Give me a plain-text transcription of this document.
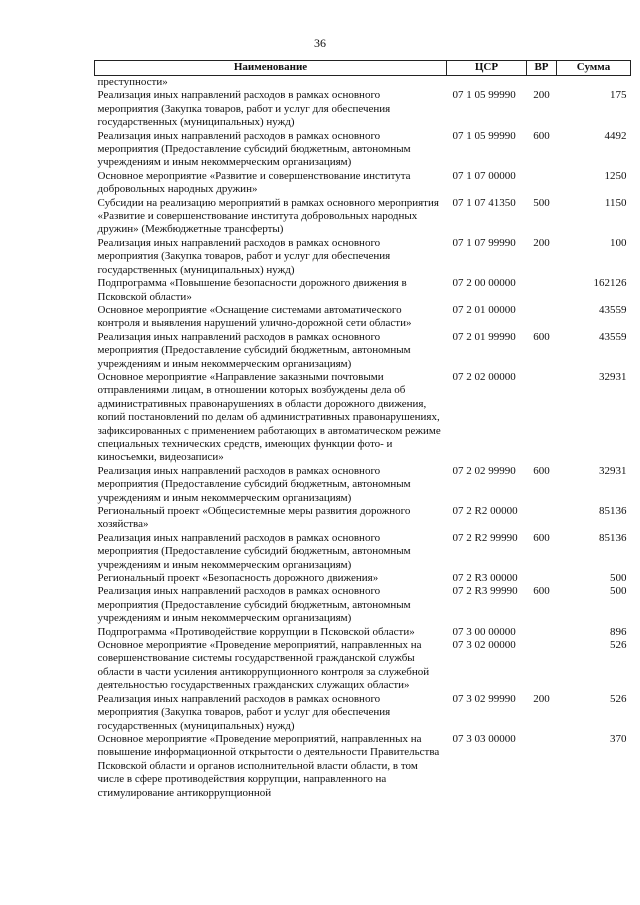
36
Наименование	ЦСР	ВР	Сумма
преступности»			
Реализация иных направлений расходов в рамках основного мероприятия (Закупка товаров, работ и услуг для обеспечения государственных (муниципальных) нужд)	07 1 05 99990	200	175
Реализация иных направлений расходов в рамках основного мероприятия (Предоставление субсидий бюджетным, автономным учреждениям и иным некоммерческим организациям)	07 1 05 99990	600	4492
Основное мероприятие «Развитие и совершенствование института добровольных народных дружин»	07 1 07 00000		1250
Субсидии на реализацию мероприятий в рамках основного мероприятия «Развитие и совершенствование института добровольных народных дружин» (Межбюджетные трансферты)	07 1 07 41350	500	1150
Реализация иных направлений расходов в рамках основного мероприятия (Закупка товаров, работ и услуг для обеспечения государственных (муниципальных) нужд)	07 1 07 99990	200	100
Подпрограмма «Повышение безопасности дорожного движения в Псковской области»	07 2 00 00000		162126
Основное мероприятие «Оснащение системами автоматического контроля и выявления нарушений улично-дорожной сети области»	07 2 01 00000		43559
Реализация иных направлений расходов в рамках основного мероприятия (Предоставление субсидий бюджетным, автономным учреждениям и иным некоммерческим организациям)	07 2 01 99990	600	43559
Основное мероприятие «Направление заказными почтовыми отправлениями лицам, в отношении которых возбуждены дела об административных правонарушениях в области дорожного движения, копий постановлений по делам об административных правонарушениях, зафиксированных с применением работающих в автоматическом режиме специальных технических средств, имеющих функции фото- и киносъемки, видеозаписи»	07 2 02 00000		32931
Реализация иных направлений расходов в рамках основного мероприятия (Предоставление субсидий бюджетным, автономным учреждениям и иным некоммерческим организациям)	07 2 02 99990	600	32931
Региональный проект «Общесистемные меры развития дорожного хозяйства»	07 2 R2 00000		85136
Реализация иных направлений расходов в рамках основного мероприятия (Предоставление субсидий бюджетным, автономным учреждениям и иным некоммерческим организациям)	07 2 R2 99990	600	85136
Региональный проект «Безопасность дорожного движения»	07 2 R3 00000		500
Реализация иных направлений расходов в рамках основного мероприятия (Предоставление субсидий бюджетным, автономным учреждениям и иным некоммерческим организациям)	07 2 R3 99990	600	500
Подпрограмма «Противодействие коррупции в Псковской области»	07 3 00 00000		896
Основное мероприятие «Проведение мероприятий, направленных на совершенствование системы государственной гражданской службы области в части усиления антикоррупционного контроля за служебной деятельностью государственных гражданских служащих области»	07 3 02 00000		526
Реализация иных направлений расходов в рамках основного мероприятия (Закупка товаров, работ и услуг для обеспечения государственных (муниципальных) нужд)	07 3 02 99990	200	526
Основное мероприятие «Проведение мероприятий, направленных на повышение информационной открытости о деятельности Правительства Псковской области и органов исполнительной власти области, в том числе в сфере противодействия коррупции, направленного на стимулирование антикоррупционной	07 3 03 00000		370
